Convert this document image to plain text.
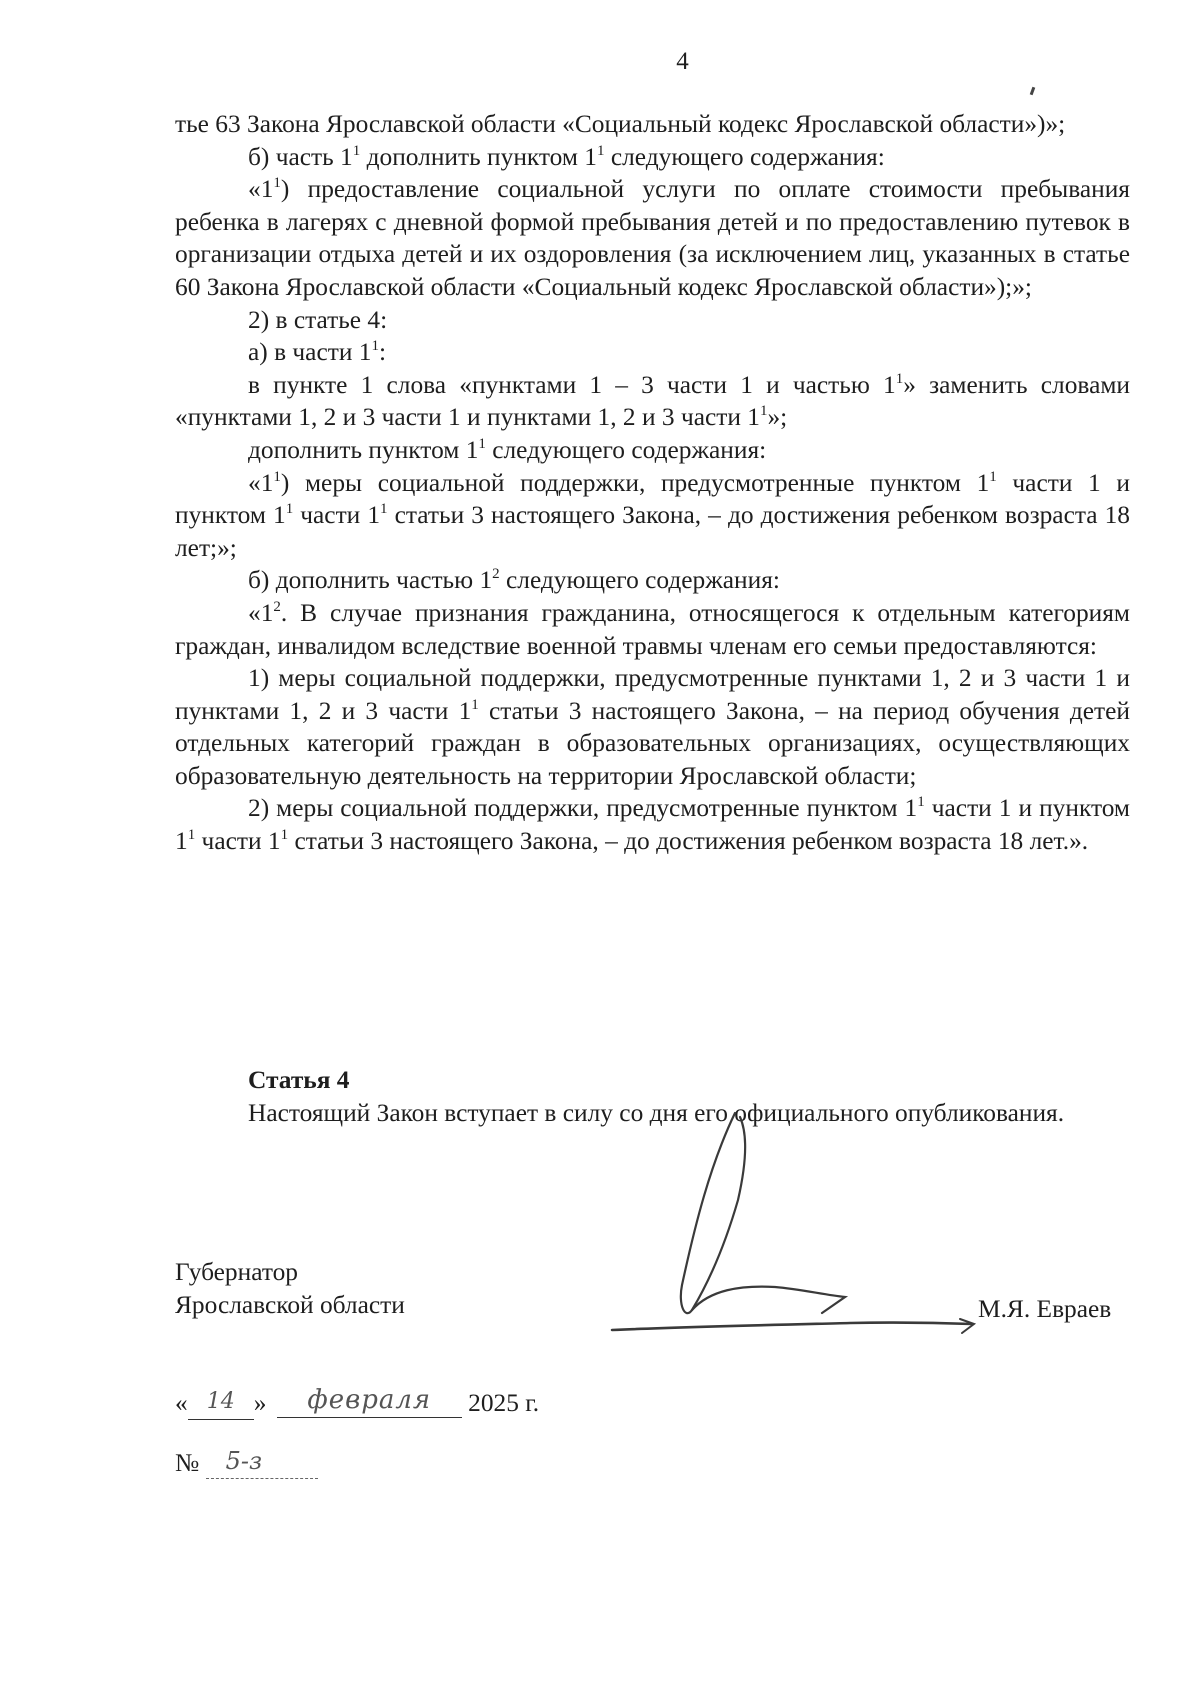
4

тье 63 Закона Ярославской области «Социальный кодекс Ярославской области»)»;

б) часть $1^1$ дополнить пунктом $1^1$ следующего содержания:

«$1^1$) предоставление социальной услуги по оплате стоимости пребывания ребенка в лагерях с дневной формой пребывания детей и по предоставлению путевок в организации отдыха детей и их оздоровления (за исключением лиц, указанных в статье 60 Закона Ярославской области «Социальный кодекс Ярославской области»);»;

2) в статье 4:

а) в части $1^1$:

в пункте 1 слова «пунктами 1 – 3 части 1 и частью $1^1$» заменить словами «пунктами 1, 2 и 3 части 1 и пунктами 1, 2 и 3 части $1^1$»;

дополнить пунктом $1^1$ следующего содержания:

«$1^1$) меры социальной поддержки, предусмотренные пунктом $1^1$ части 1 и пунктом $1^1$ части $1^1$ статьи 3 настоящего Закона, – до достижения ребенком возраста 18 лет;»;

б) дополнить частью $1^2$ следующего содержания:

«$1^2$. В случае признания гражданина, относящегося к отдельным категориям граждан, инвалидом вследствие военной травмы членам его семьи предоставляются:

1) меры социальной поддержки, предусмотренные пунктами 1, 2 и 3 части 1 и пунктами 1, 2 и 3 части $1^1$ статьи 3 настоящего Закона, – на период обучения детей отдельных категорий граждан в образовательных организациях, осуществляющих образовательную деятельность на территории Ярославской области;

2) меры социальной поддержки, предусмотренные пунктом $1^1$ части 1 и пунктом $1^1$ части $1^1$ статьи 3 настоящего Закона, – до достижения ребенком возраста 18 лет.».

Статья 4

Настоящий Закон вступает в силу со дня его официального опубликования.

Губернатор
Ярославской области	М.Я. Евраев
« 14 » февраля 2025 г.
№ 5-з
